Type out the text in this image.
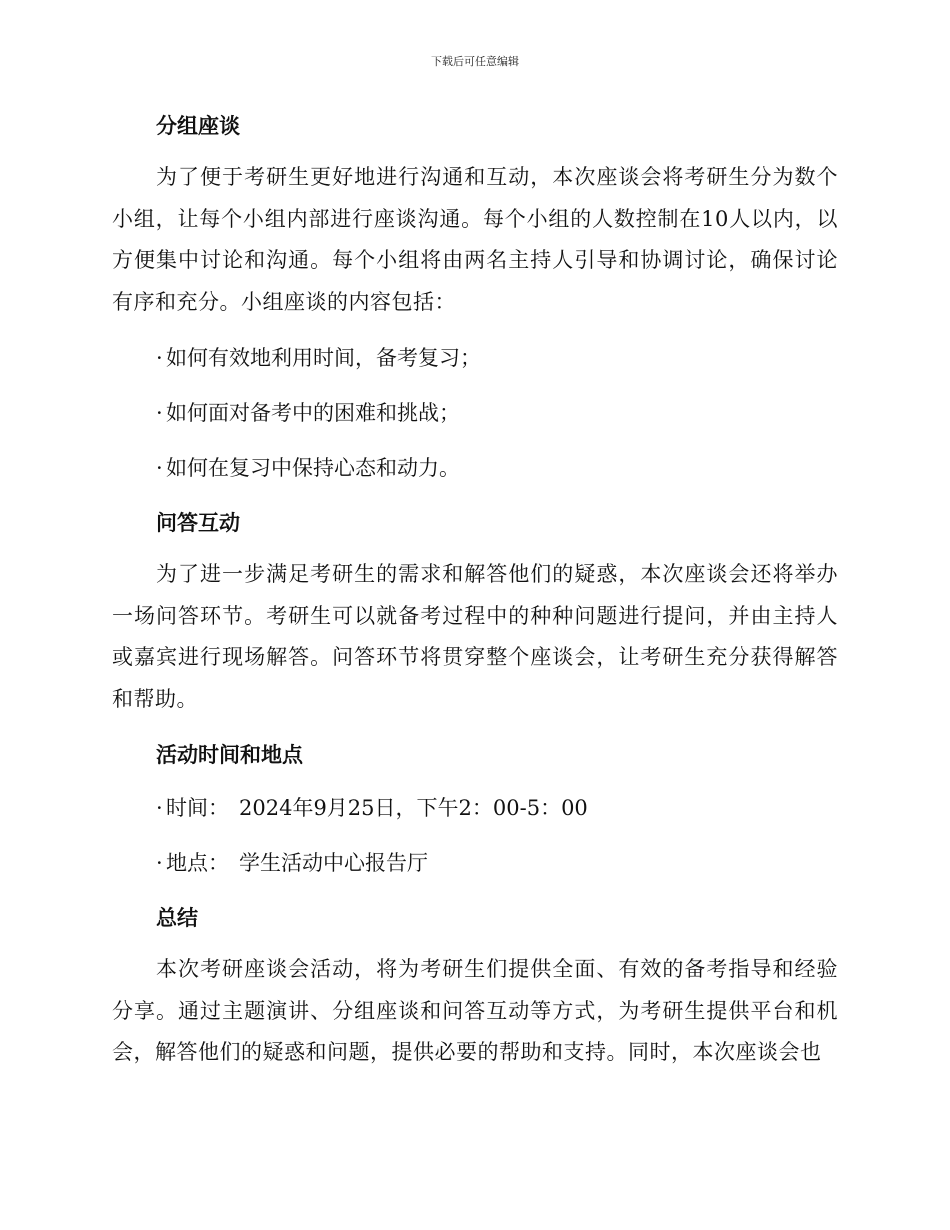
下载后可任意编辑
分组座谈

为了便于考研生更好地进行沟通和互动，本次座谈会将考研生分为数个小组，让每个小组内部进行座谈沟通。每个小组的人数控制在10人以内，以方便集中讨论和沟通。每个小组将由两名主持人引导和协调讨论，确保讨论有序和充分。小组座谈的内容包括：

· 如何有效地利用时间，备考复习；

· 如何面对备考中的困难和挑战；

· 如何在复习中保持心态和动力。

问答互动

为了进一步满足考研生的需求和解答他们的疑惑，本次座谈会还将举办一场问答环节。考研生可以就备考过程中的种种问题进行提问，并由主持人或嘉宾进行现场解答。问答环节将贯穿整个座谈会，让考研生充分获得解答和帮助。

活动时间和地点

· 时间： 2024年9月25日，下午2：00-5：00

· 地点： 学生活动中心报告厅

总结

本次考研座谈会活动，将为考研生们提供全面、有效的备考指导和经验分享。通过主题演讲、分组座谈和问答互动等方式，为考研生提供平台和机会，解答他们的疑惑和问题，提供必要的帮助和支持。同时，本次座谈会也
